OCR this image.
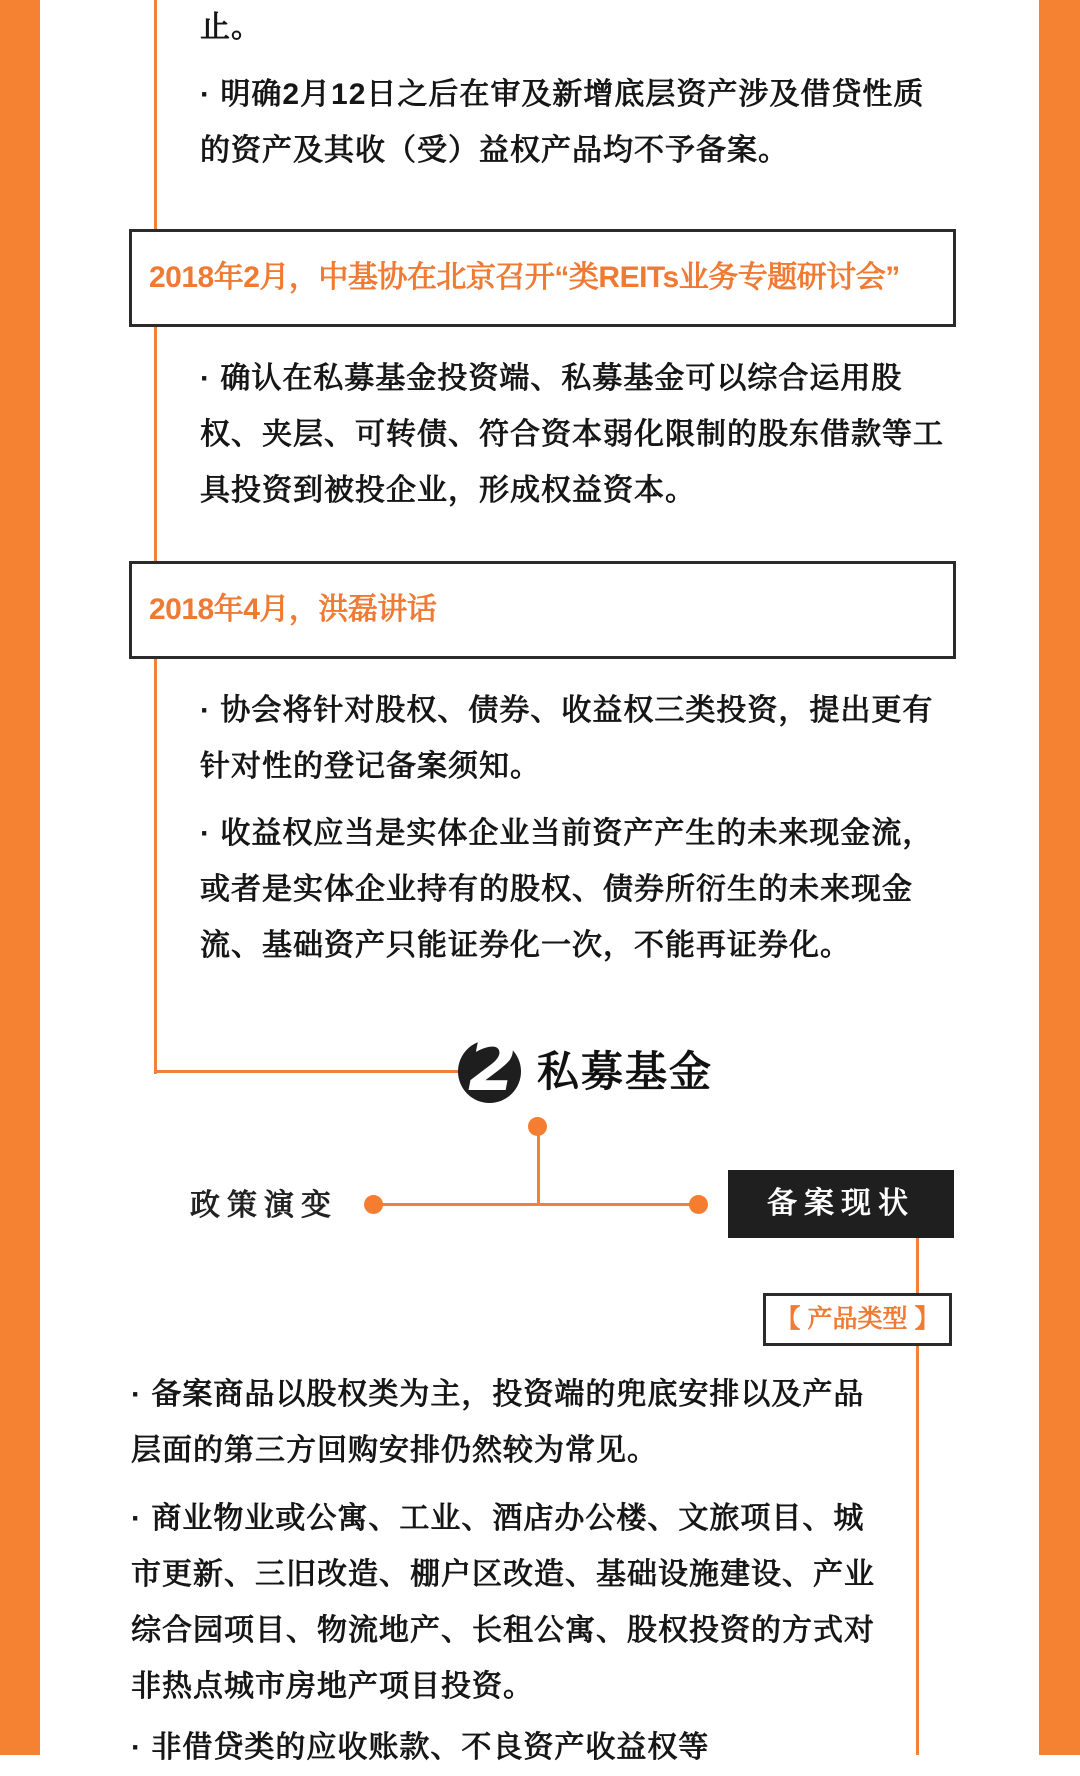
止。
· 明确2月12日之后在审及新增底层资产涉及借贷性质
的资产及其收（受）益权产品均不予备案。
2018年2月，中基协在北京召开“类REITs业务专题研讨会”
· 确认在私募基金投资端、私募基金可以综合运用股
权、夹层、可转债、符合资本弱化限制的股东借款等工
具投资到被投企业，形成权益资本。
2018年4月，洪磊讲话
· 协会将针对股权、债券、收益权三类投资，提出更有
针对性的登记备案须知。
· 收益权应当是实体企业当前资产产生的未来现金流，
或者是实体企业持有的股权、债券所衍生的未来现金
流、基础资产只能证券化一次，不能再证券化。
2 私募基金
政策演变	备案现状
【 产品类型 】
· 备案商品以股权类为主，投资端的兜底安排以及产品
层面的第三方回购安排仍然较为常见。
· 商业物业或公寓、工业、酒店办公楼、文旅项目、城
市更新、三旧改造、棚户区改造、基础设施建设、产业
综合园项目、物流地产、长租公寓、股权投资的方式对
非热点城市房地产项目投资。
· 非借贷类的应收账款、不良资产收益权等
